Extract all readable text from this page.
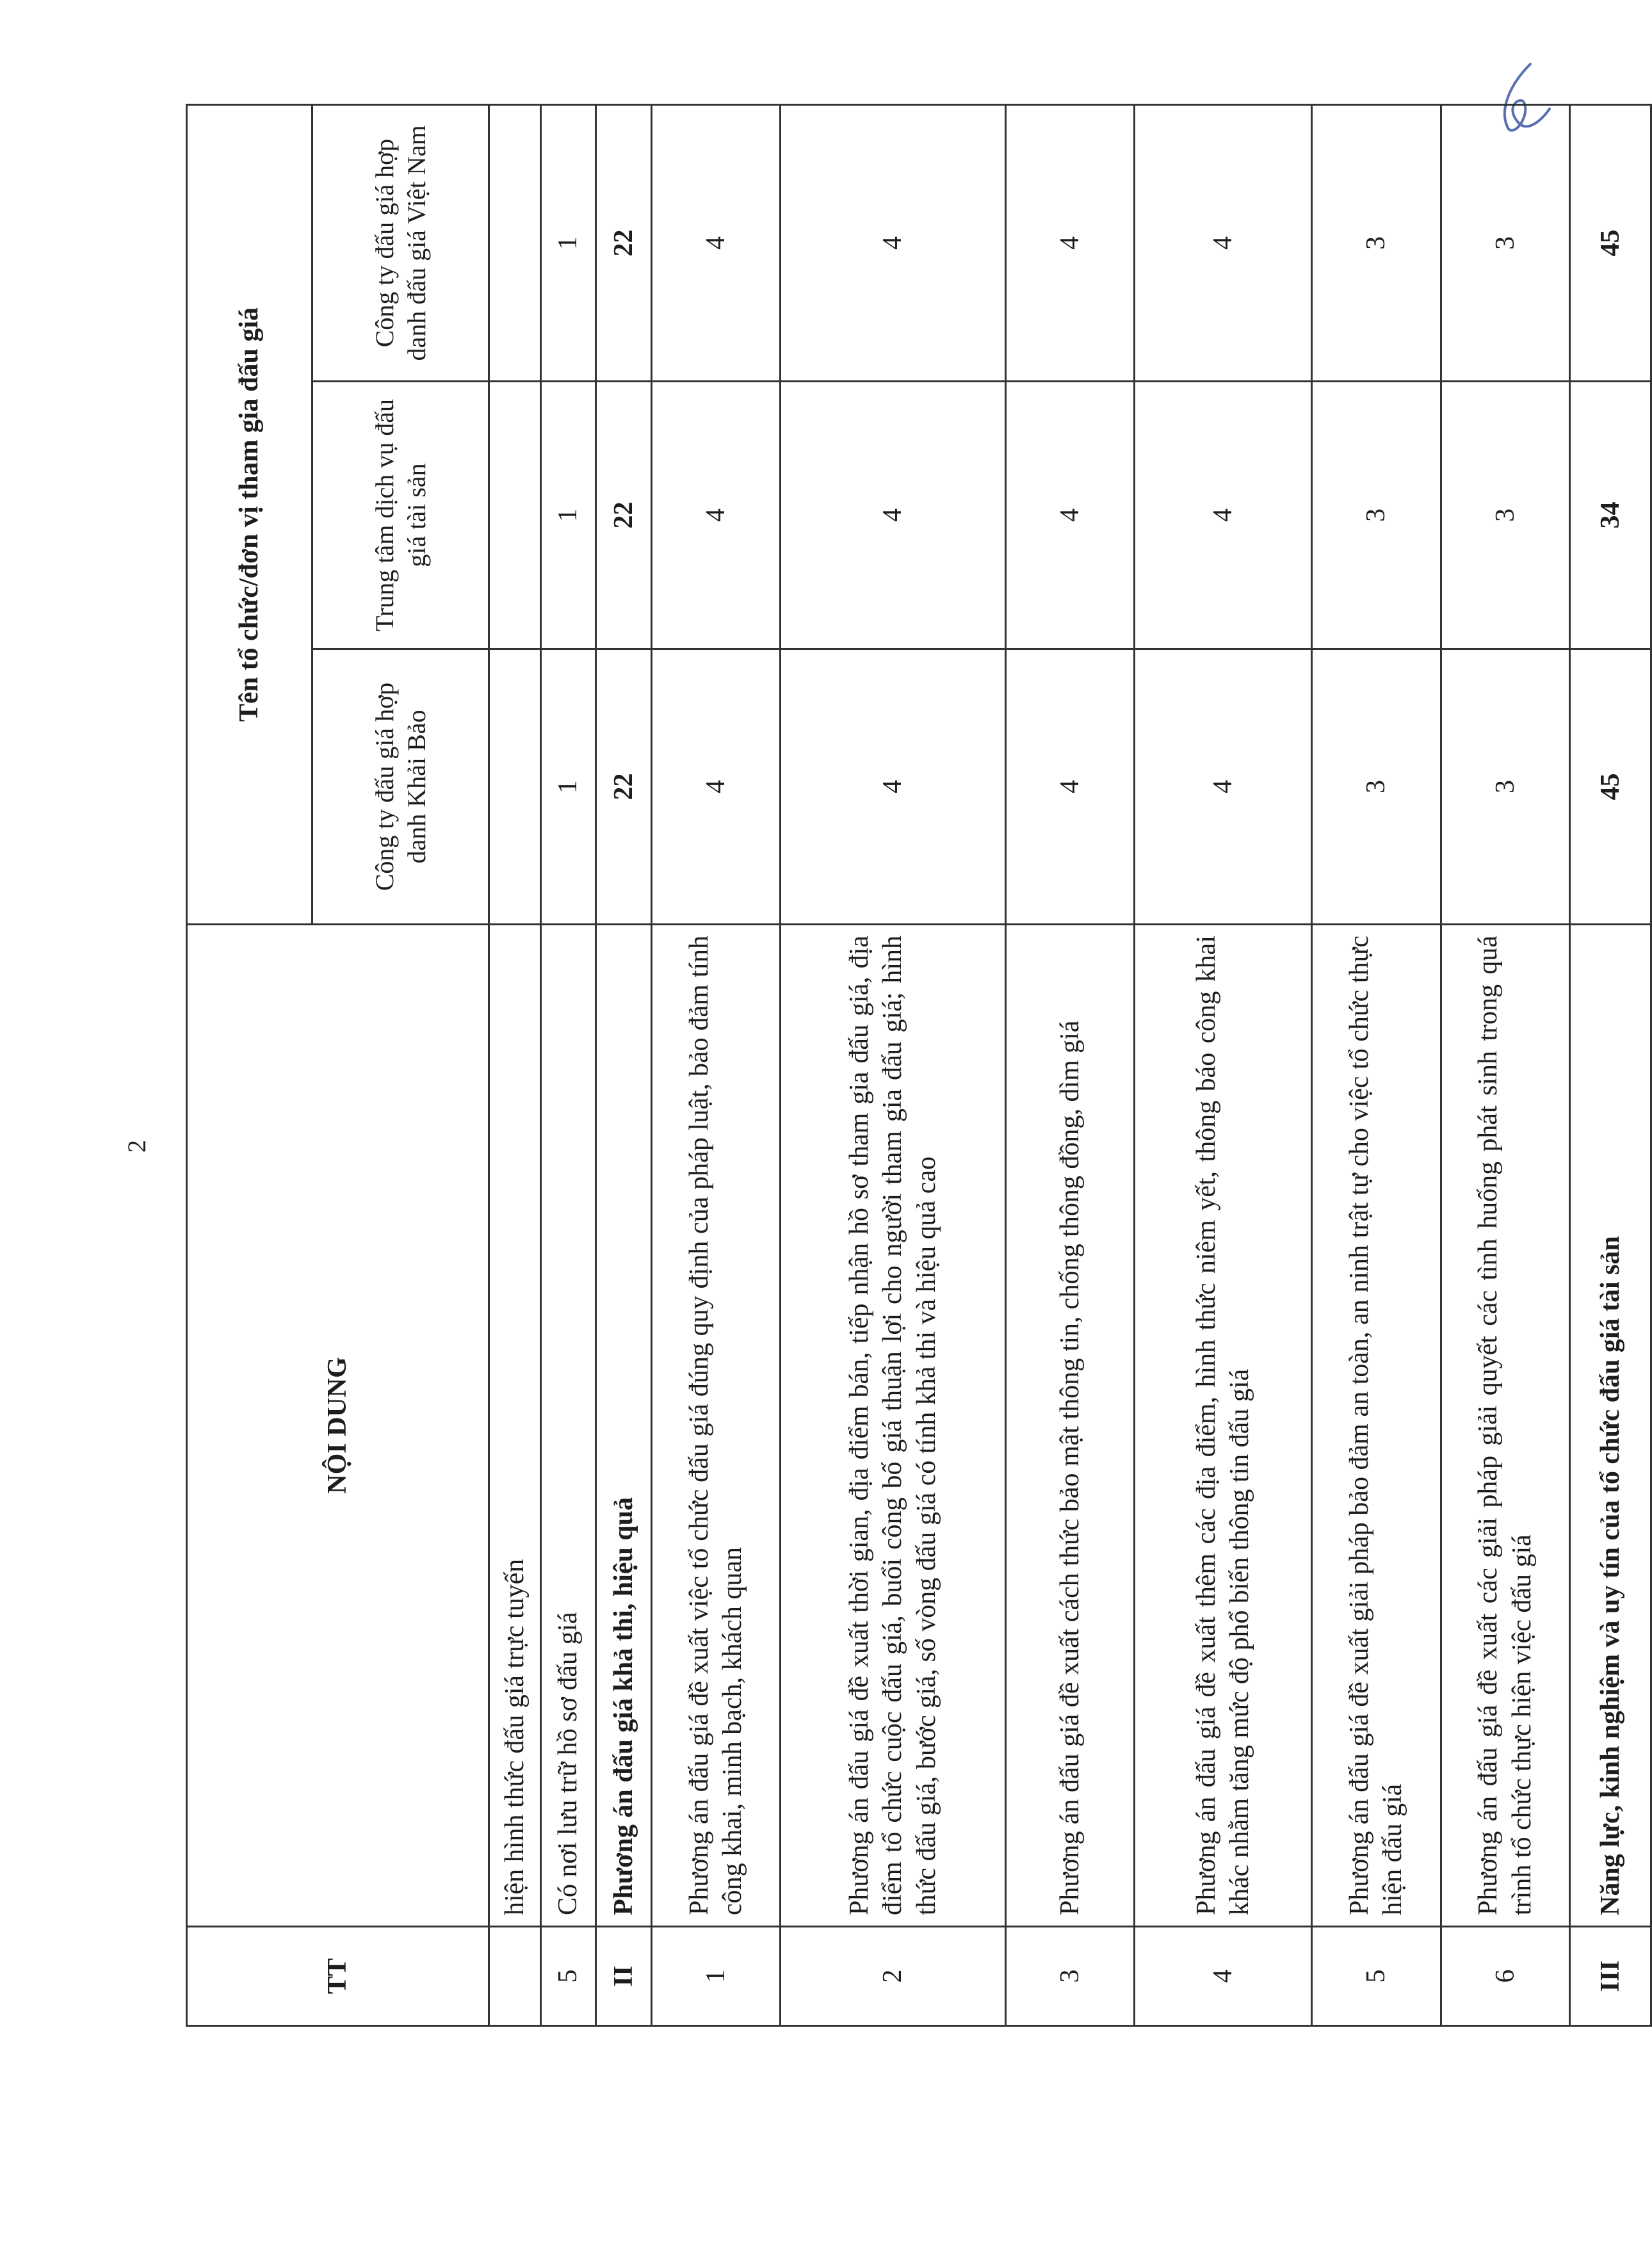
2
TT	NỘI DUNG	Tên tổ chức/đơn vị tham gia đấu giá		
		Công ty đấu giá hợp danh Khải Bảo	Trung tâm dịch vụ đấu giá tài sản	Công ty đấu giá hợp danh đấu giá Việt Nam
	hiện hình thức đấu giá trực tuyến			
5	Có nơi lưu trữ hồ sơ đấu giá	1	1	1
II	Phương án đấu giá khả thi, hiệu quả	22	22	22
1	Phương án đấu giá đề xuất việc tổ chức đấu giá đúng quy định của pháp luật, bảo đảm tính công khai, minh bạch, khách quan	4	4	4
2	Phương án đấu giá đề xuất thời gian, địa điểm bán, tiếp nhận hồ sơ tham gia đấu giá, địa điểm tổ chức cuộc đấu giá, buổi công bố giá thuận lợi cho người tham gia đấu giá; hình thức đấu giá, bước giá, số vòng đấu giá có tính khả thi và hiệu quả cao	4	4	4
3	Phương án đấu giá đề xuất cách thức bảo mật thông tin, chống thông đồng, dìm giá	4	4	4
4	Phương án đấu giá đề xuất thêm các địa điểm, hình thức niêm yết, thông báo công khai khác nhằm tăng mức độ phổ biến thông tin đấu giá	4	4	4
5	Phương án đấu giá đề xuất giải pháp bảo đảm an toàn, an ninh trật tự cho việc tổ chức thực hiện đấu giá	3	3	3
6	Phương án đấu giá đề xuất các giải pháp giải quyết các tình huống phát sinh trong quá trình tổ chức thực hiện việc đấu giá	3	3	3
III	Năng lực, kinh nghiệm và uy tín của tổ chức đấu giá tài sản	45	34	45
